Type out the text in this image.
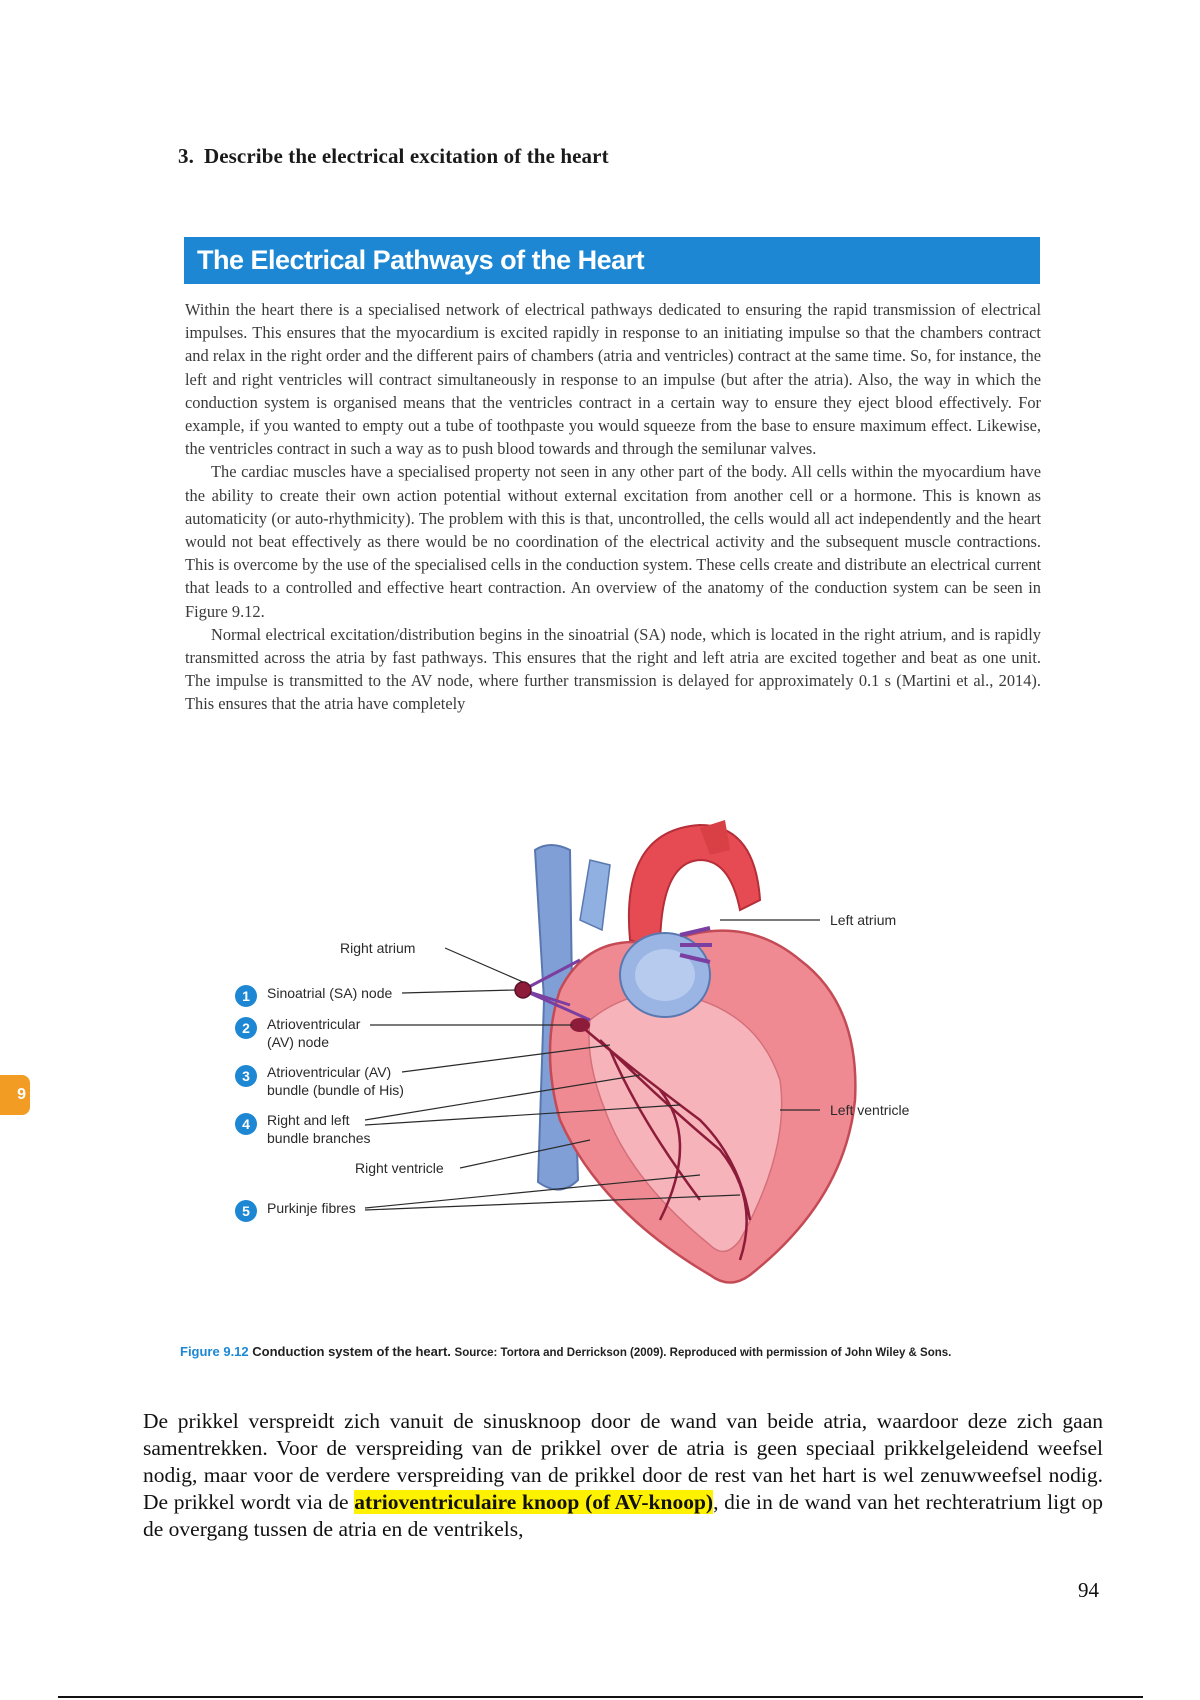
3. Describe the electrical excitation of the heart
The Electrical Pathways of the Heart

Within the heart there is a specialised network of electrical pathways dedicated to ensuring the rapid transmission of electrical impulses. This ensures that the myocardium is excited rapidly in response to an initiating impulse so that the chambers contract and relax in the right order and the different pairs of chambers (atria and ventricles) contract at the same time. So, for instance, the left and right ventricles will contract simultaneously in response to an impulse (but after the atria). Also, the way in which the conduction system is organised means that the ventricles contract in a certain way to ensure they eject blood effectively. For example, if you wanted to empty out a tube of toothpaste you would squeeze from the base to ensure maximum effect. Likewise, the ventricles contract in such a way as to push blood towards and through the semilunar valves.

The cardiac muscles have a specialised property not seen in any other part of the body. All cells within the myocardium have the ability to create their own action potential without external excitation from another cell or a hormone. This is known as automaticity (or auto-rhythmicity). The problem with this is that, uncontrolled, the cells would all act independently and the heart would not beat effectively as there would be no coordination of the electrical activity and the subsequent muscle contractions. This is overcome by the use of the specialised cells in the conduction system. These cells create and distribute an electrical current that leads to a controlled and effective heart contraction. An overview of the anatomy of the conduction system can be seen in Figure 9.12.

Normal electrical excitation/distribution begins in the sinoatrial (SA) node, which is located in the right atrium, and is rapidly transmitted across the atria by fast pathways. This ensures that the right and left atria are excited together and beat as one unit. The impulse is transmitted to the AV node, where further transmission is delayed for approximately 0.1 s (Martini et al., 2014). This ensures that the atria have completely

9
Left atrium
Left ventricle
Right atrium
Right ventricle
1	Sinoatrial (SA) node
2	Atrioventricular
(AV) node
3	Atrioventricular (AV)
bundle (bundle of His)
4	Right and left
bundle branches
5	Purkinje fibres
Figure 9.12 Conduction system of the heart. Source: Tortora and Derrickson (2009). Reproduced with permission of John Wiley & Sons.
De prikkel verspreidt zich vanuit de sinusknoop door de wand van beide atria, waardoor deze zich gaan samentrekken. Voor de verspreiding van de prikkel over de atria is geen speciaal prikkelgeleidend weefsel nodig, maar voor de verdere verspreiding van de prikkel door de rest van het hart is wel zenuwweefsel nodig. De prikkel wordt via de atrioventriculaire knoop (of AV-knoop), die in de wand van het rechteratrium ligt op de overgang tussen de atria en de ventrikels,
94
